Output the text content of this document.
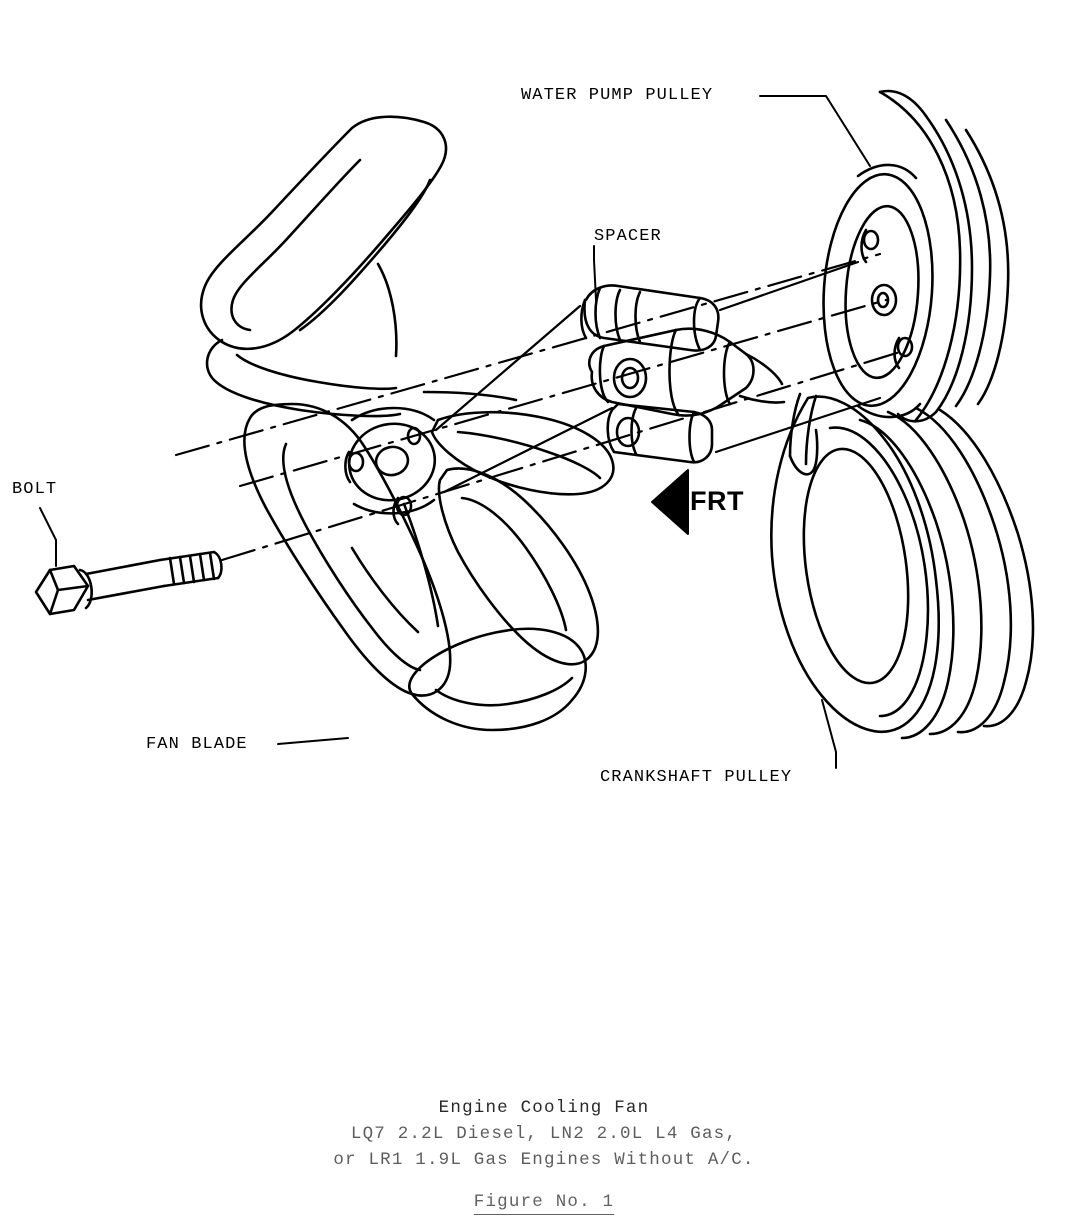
WATER PUMP PULLEY
SPACER
BOLT
FAN BLADE
CRANKSHAFT PULLEY
FRT
Engine Cooling Fan
LQ7 2.2L Diesel, LN2 2.0L L4 Gas,
or LR1 1.9L Gas Engines Without A/C.
Figure No. 1
